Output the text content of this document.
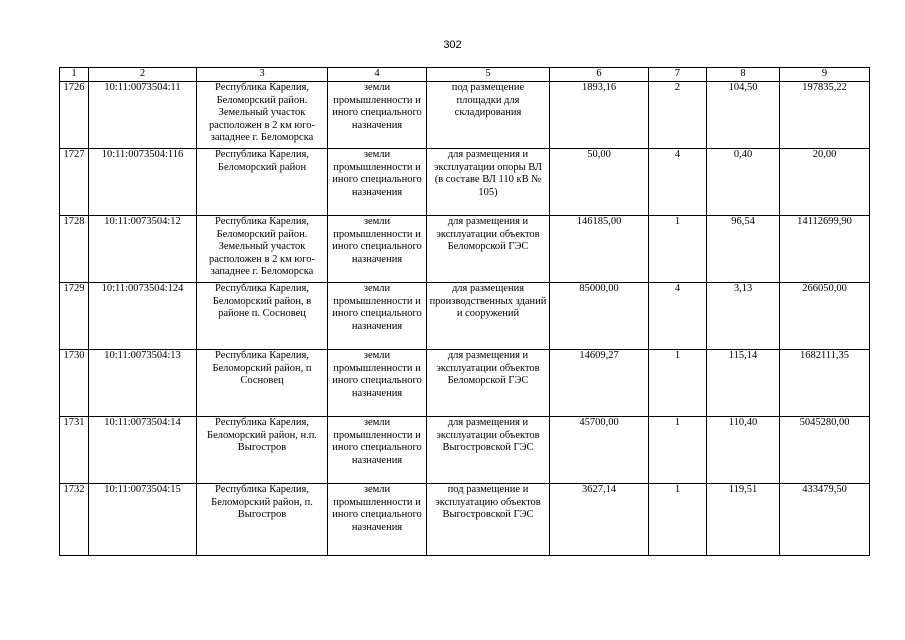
302
1	2	3	4	5	6	7	8	9
1726	10:11:0073504:11	Республика Карелия, Беломорский район. Земельный участок расположен в 2 км юго-западнее г. Беломорска	земли промышленности и иного специального назначения	под размещение площадки для складирования	1893,16	2	104,50	197835,22
1727	10:11:0073504:116	Республика Карелия, Беломорский район	земли промышленности и иного специального назначения	для размещения и эксплуатации опоры ВЛ (в составе ВЛ 110 кВ № 105)	50,00	4	0,40	20,00
1728	10:11:0073504:12	Республика Карелия, Беломорский район. Земельный участок расположен в 2 км юго-западнее г. Беломорска	земли промышленности и иного специального назначения	для размещения и эксплуатации объектов Беломорской ГЭС	146185,00	1	96,54	14112699,90
1729	10:11:0073504:124	Республика Карелия, Беломорский район, в районе п. Сосновец	земли промышленности и иного специального назначения	для размещения производственных зданий и сооружений	85000,00	4	3,13	266050,00
1730	10:11:0073504:13	Республика Карелия, Беломорский район, п Сосновец	земли промышленности и иного специального назначения	для размещения и эксплуатации объектов Беломорской ГЭС	14609,27	1	115,14	1682111,35
1731	10:11:0073504:14	Республика Карелия, Беломорский район, н.п. Выгостров	земли промышленности и иного специального назначения	для размещения и эксплуатации объектов Выгостровской ГЭС	45700,00	1	110,40	5045280,00
1732	10:11:0073504:15	Республика Карелия, Беломорский район, п. Выгостров	земли промышленности и иного специального назначения	под размещение и эксплуатацию объектов Выгостровской ГЭС	3627,14	1	119,51	433479,50
